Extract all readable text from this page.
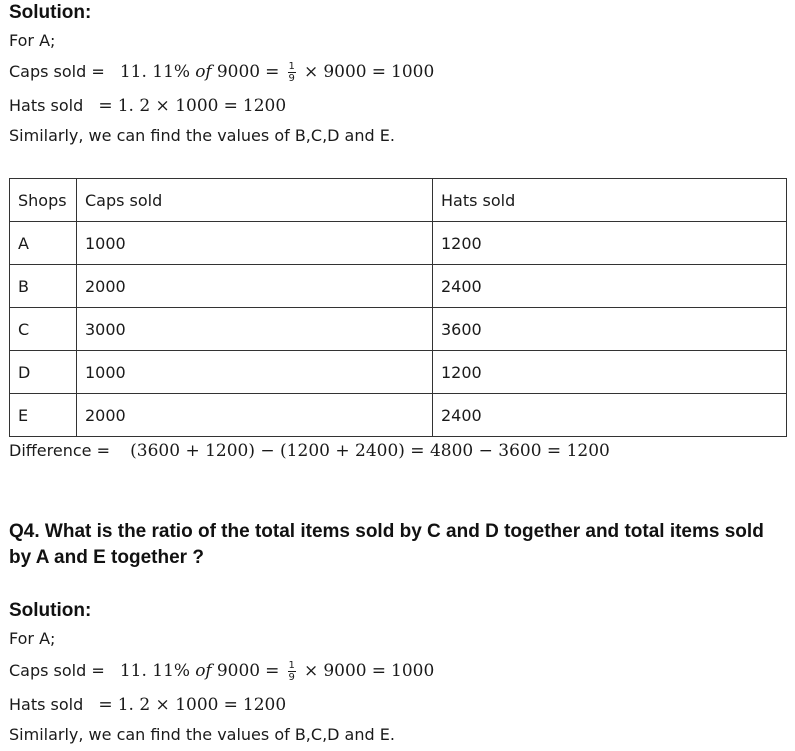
Solution:
For A;
Caps sold = 11. 11% of $9000 = \frac{1}{9} \times 9000 = 1000$
Hats sold = 1. 2 × 1000 = 1200
Similarly, we can find the values of B,C,D and E.
Shops	Caps sold	Hats sold
A	1000	1200
B	2000	2400
C	3000	3600
D	1000	1200
E	2000	2400
Difference =  (3600 + 1200) − (1200 + 2400) = 4800 − 3600 = 1200
Q4. What is the ratio of the total items sold by C and D together and total items sold by A and E together ?
Solution:
For A;
Caps sold = 11. 11% of $9000 = \frac{1}{9} \times 9000 = 1000$
Hats sold = 1. 2 × 1000 = 1200
Similarly, we can find the values of B,C,D and E.
